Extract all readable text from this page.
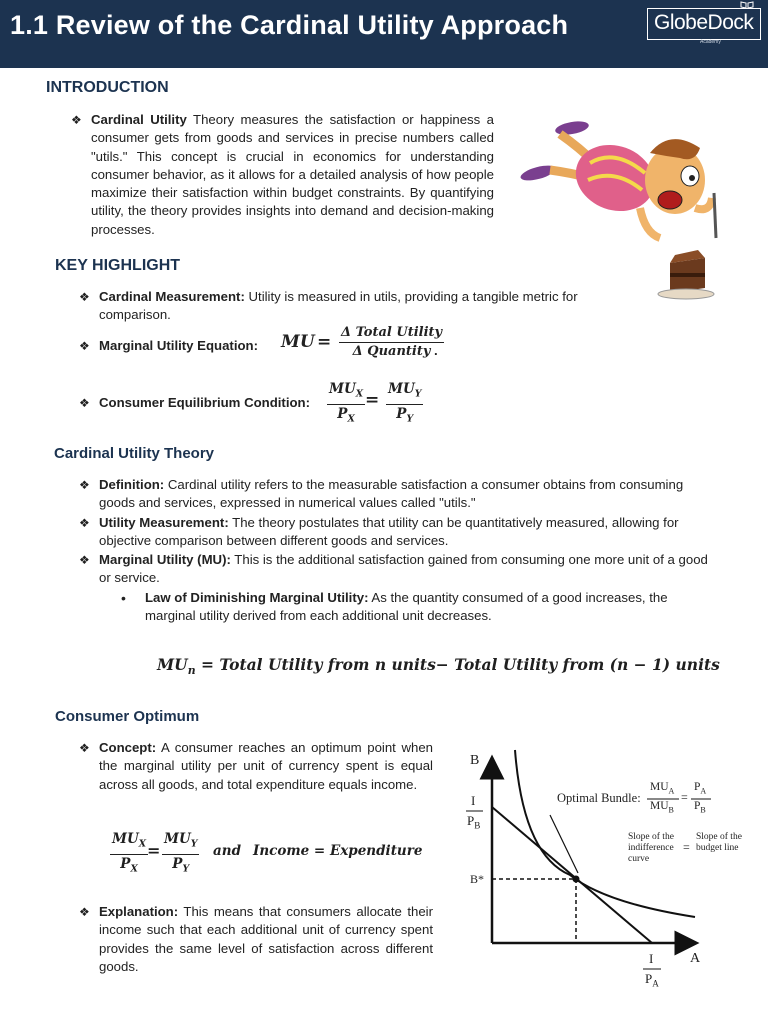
1.1 Review of the Cardinal Utility Approach	GlobeDock
Academy
INTRODUCTION
❖ Cardinal Utility Theory measures the satisfaction or happiness a consumer gets from goods and services in precise numbers called "utils." This concept is crucial in economics for understanding consumer behavior, as it allows for a detailed analysis of how people maximize their satisfaction within budget constraints. By quantifying utility, the theory provides insights into demand and decision-making processes.
KEY HIGHLIGHT
❖ Cardinal Measurement: Utility is measured in utils, providing a tangible metric for comparison.
❖ Marginal Utility Equation: MU = Δ Total Utility
Δ Quantity .
❖ Consumer Equilibrium Condition:
$MU_X$
$P_X$
=
$MU_Y$
$P_Y$
Cardinal Utility Theory
❖ Definition: Cardinal utility refers to the measurable satisfaction a consumer obtains from consuming goods and services, expressed in numerical values called "utils."
❖ Utility Measurement: The theory postulates that utility can be quantitatively measured, allowing for objective comparison between different goods and services.
❖ Marginal Utility (MU): This is the additional satisfaction gained from consuming one more unit of a good or service.
• Law of Diminishing Marginal Utility: As the quantity consumed of a good increases, the marginal utility derived from each additional unit decreases.
$MU_n$ = Total Utility from n units− Total Utility from (n − 1) units
Consumer Optimum
❖ Concept: A consumer reaches an optimum point when the marginal utility per unit of currency spent is equal across all goods, and total expenditure equals income.
$MU_X$
$P_X$
=
$MU_Y$
$P_Y$
and Income = Expenditure
❖ Explanation: This means that consumers allocate their income such that each additional unit of currency spent provides the same level of satisfaction across different goods.
B
A
I
$P_B$
I
$P_A$
B*
Optimal Bundle:
$MU_A$
$MU_B$
=
$P_A$
$P_B$
Slope of the indifference curve
=
Slope of the budget line
